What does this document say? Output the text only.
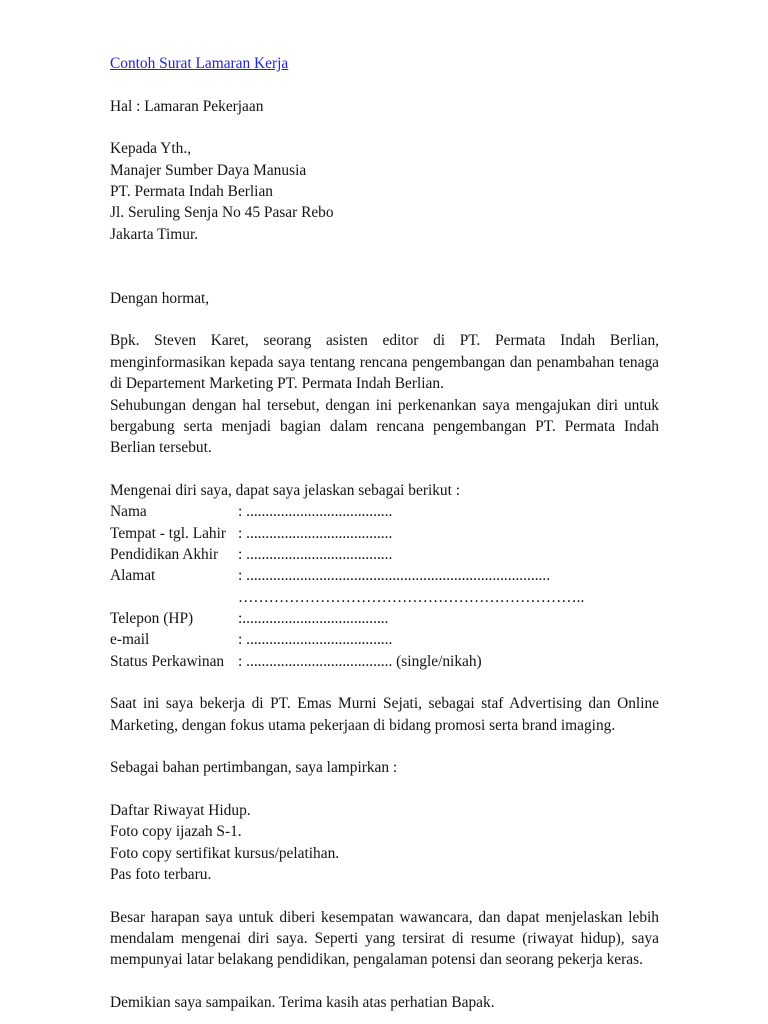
Contoh Surat Lamaran Kerja
Hal : Lamaran Pekerjaan
Kepada Yth.,
Manajer Sumber Daya Manusia
PT. Permata Indah Berlian
Jl. Seruling Senja No 45 Pasar Rebo
Jakarta Timur.
Dengan hormat,
Bpk. Steven Karet, seorang asisten editor di PT. Permata Indah Berlian,
menginformasikan kepada saya tentang rencana pengembangan dan penambahan tenaga
di Departement Marketing PT. Permata Indah Berlian.
Sehubungan dengan hal tersebut, dengan ini perkenankan saya mengajukan diri untuk
bergabung serta menjadi bagian dalam rencana pengembangan PT. Permata Indah
Berlian tersebut.
Mengenai diri saya, dapat saya jelaskan sebagai berikut :
Nama	: ......................................
Tempat - tgl. Lahir : ......................................
Pendidikan Akhir	: ......................................
Alamat	: ...............................................................................
…………………………………………………………..
Telepon (HP)	:......................................
e-mail	: ......................................
Status Perkawinan : ...................................... (single/nikah)
Saat ini saya bekerja di PT. Emas Murni Sejati, sebagai staf Advertising dan Online
Marketing, dengan fokus utama pekerjaan di bidang promosi serta brand imaging.
Sebagai bahan pertimbangan, saya lampirkan :
Daftar Riwayat Hidup.
Foto copy ijazah S-1.
Foto copy sertifikat kursus/pelatihan.
Pas foto terbaru.
Besar harapan saya untuk diberi kesempatan wawancara, dan dapat menjelaskan lebih
mendalam mengenai diri saya. Seperti yang tersirat di resume (riwayat hidup), saya
mempunyai latar belakang pendidikan, pengalaman potensi dan seorang pekerja keras.
Demikian saya sampaikan. Terima kasih atas perhatian Bapak.
